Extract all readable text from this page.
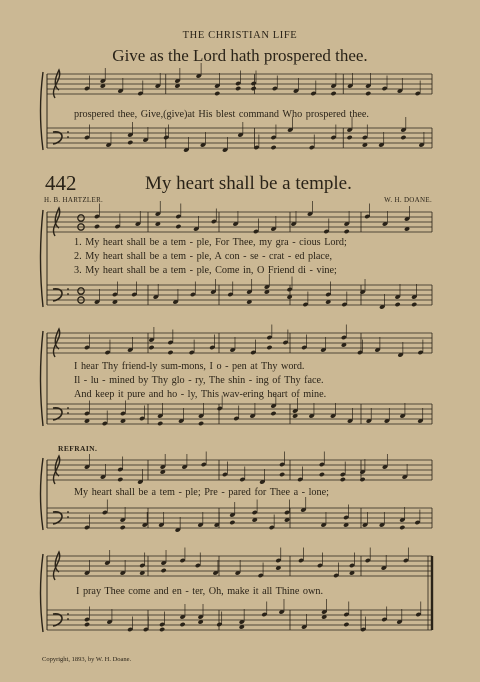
THE CHRISTIAN LIFE
Give as the Lord hath prospered thee.
prospered thee, Give,(give)at His blest command Who prospered thee.
442	My heart shall be a temple.
H. B. HARTZLER.	W. H. DOANE.
1. My heart shall be a tem - ple, For Thee, my gra - cious Lord;
2. My heart shall be a tem - ple, A con - se - crat - ed place,
3. My heart shall be a tem - ple, Come in, O Friend di - vine;
I hear Thy friend-ly sum-mons, I o - pen at Thy word.
Il - lu - mined by Thy glo - ry, The shin - ing of Thy face.
And keep it pure and ho - ly, This wav-ering heart of mine.
REFRAIN.
My heart shall be a tem - ple; Pre - pared for Thee a - lone;
I pray Thee come and en - ter, Oh, make it all Thine own.
Copyright, 1893, by W. H. Doane.
